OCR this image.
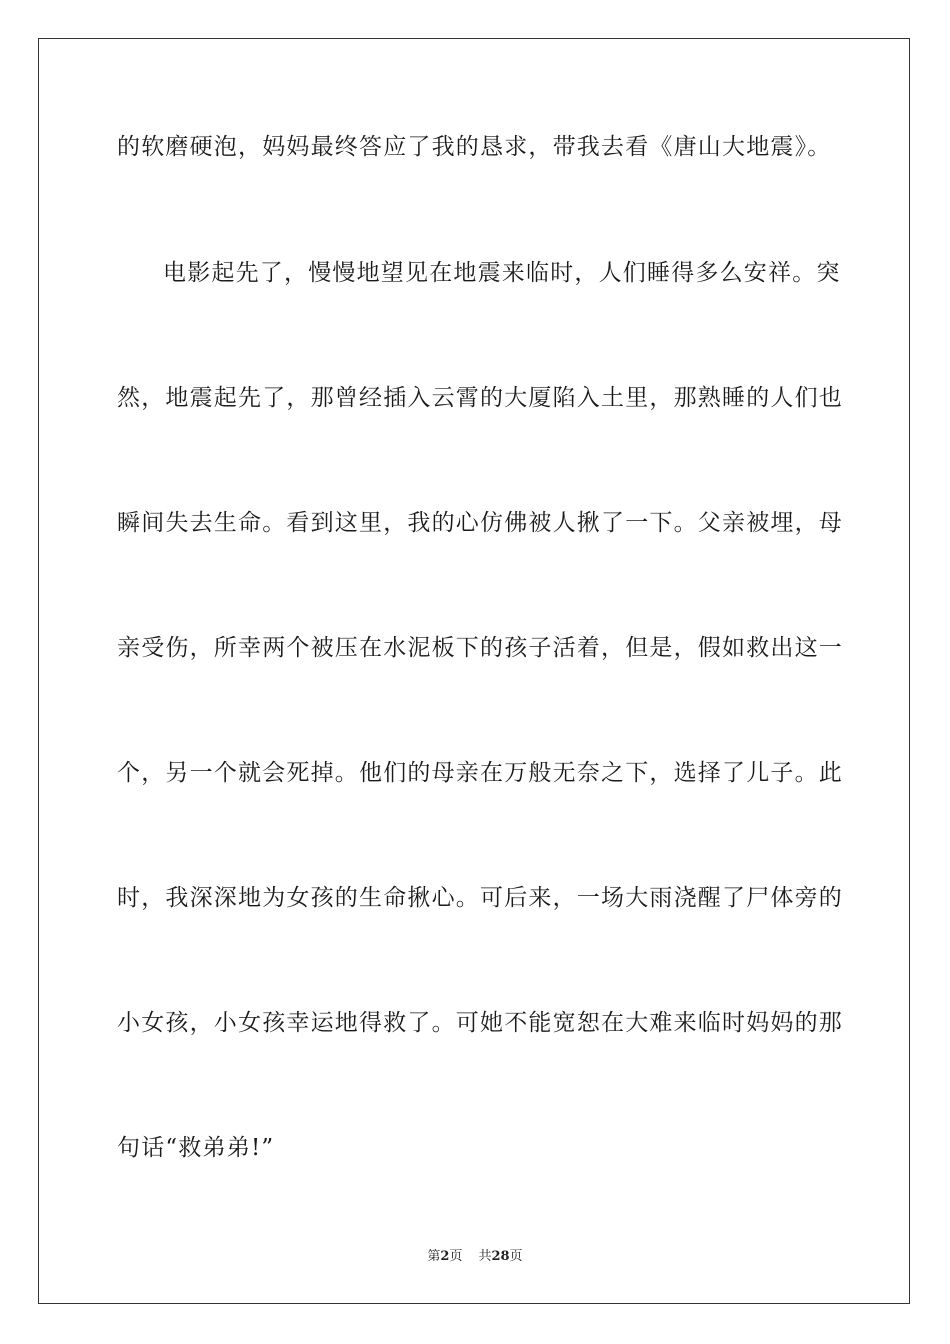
的软磨硬泡，妈妈最终答应了我的恳求，带我去看《唐山大地震》。
电影起先了，慢慢地望见在地震来临时，人们睡得多么安祥。突
然，地震起先了，那曾经插入云霄的大厦陷入土里，那熟睡的人们也
瞬间失去生命。看到这里，我的心仿佛被人揪了一下。父亲被埋，母
亲受伤，所幸两个被压在水泥板下的孩子活着，但是，假如救出这一
个，另一个就会死掉。他们的母亲在万般无奈之下，选择了儿子。此
时，我深深地为女孩的生命揪心。可后来，一场大雨浇醒了尸体旁的
小女孩，小女孩幸运地得救了。可她不能宽恕在大难来临时妈妈的那
句话“救弟弟!”
第2页 共28页
